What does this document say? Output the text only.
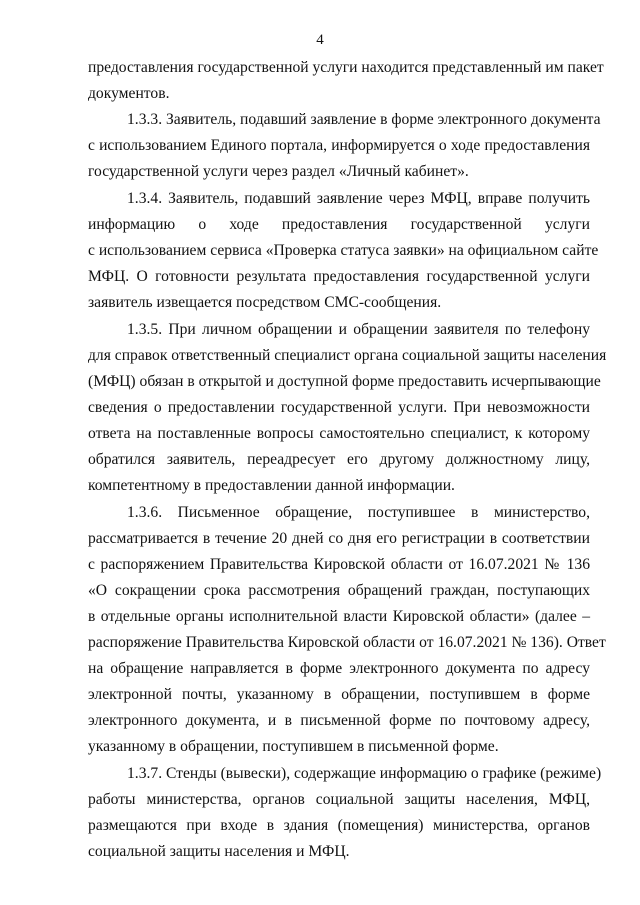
4
предоставления государственной услуги находится представленный им пакет
документов.
1.3.3. Заявитель, подавший заявление в форме электронного документа
с использованием Единого портала, информируется о ходе предоставления
государственной услуги через раздел «Личный кабинет».
1.3.4. Заявитель, подавший заявление через МФЦ, вправе получить
информацию о ходе предоставления государственной услуги
с использованием сервиса «Проверка статуса заявки» на официальном сайте
МФЦ. О готовности результата предоставления государственной услуги
заявитель извещается посредством СМС-сообщения.
1.3.5. При личном обращении и обращении заявителя по телефону
для справок ответственный специалист органа социальной защиты населения
(МФЦ) обязан в открытой и доступной форме предоставить исчерпывающие
сведения о предоставлении государственной услуги. При невозможности
ответа на поставленные вопросы самостоятельно специалист, к которому
обратился заявитель, переадресует его другому должностному лицу,
компетентному в предоставлении данной информации.
1.3.6. Письменное обращение, поступившее в министерство,
рассматривается в течение 20 дней со дня его регистрации в соответствии
с распоряжением Правительства Кировской области от 16.07.2021 № 136
«О сокращении срока рассмотрения обращений граждан, поступающих
в отдельные органы исполнительной власти Кировской области» (далее –
распоряжение Правительства Кировской области от 16.07.2021 № 136). Ответ
на обращение направляется в форме электронного документа по адресу
электронной почты, указанному в обращении, поступившем в форме
электронного документа, и в письменной форме по почтовому адресу,
указанному в обращении, поступившем в письменной форме.
1.3.7. Стенды (вывески), содержащие информацию о графике (режиме)
работы министерства, органов социальной защиты населения, МФЦ,
размещаются при входе в здания (помещения) министерства, органов
социальной защиты населения и МФЦ.
